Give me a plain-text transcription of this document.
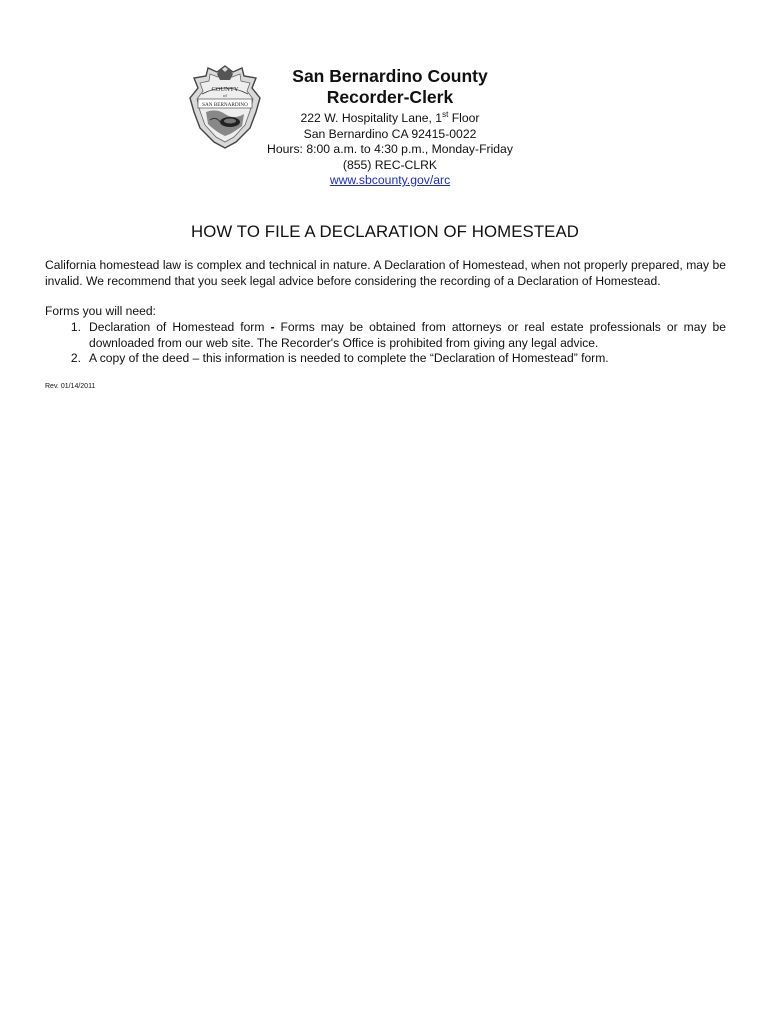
COUNTY
of
SAN BERNARDINO
San Bernardino County
Recorder-Clerk
222 W. Hospitality Lane, 1st Floor
San Bernardino CA 92415-0022
Hours: 8:00 a.m. to 4:30 p.m., Monday-Friday
(855) REC-CLRK
www.sbcounty.gov/arc
HOW TO FILE A DECLARATION OF HOMESTEAD
California homestead law is complex and technical in nature. A Declaration of Homestead, when not properly prepared, may be invalid. We recommend that you seek legal advice before considering the recording of a Declaration of Homestead.
Forms you will need:
1. Declaration of Homestead form - Forms may be obtained from attorneys or real estate professionals or may be downloaded from our web site. The Recorder's Office is prohibited from giving any legal advice.
2. A copy of the deed – this information is needed to complete the “Declaration of Homestead” form.
Rev. 01/14/2011
